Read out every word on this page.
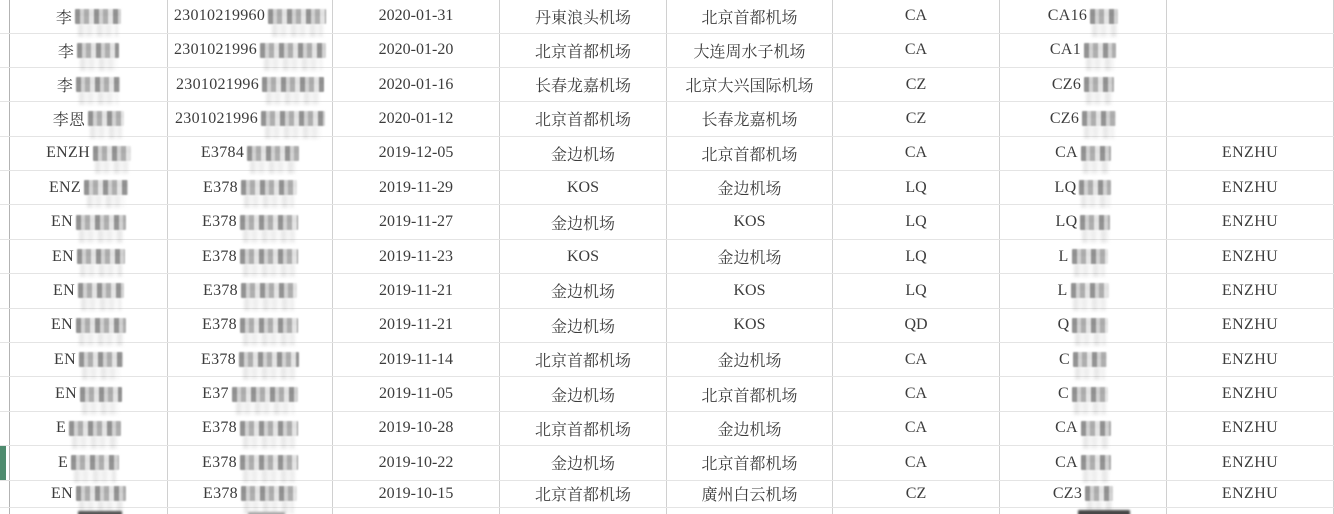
李	23010219960	2020-01-31	丹東浪头机场	北京首都机场	CA	CA16
李	2301021996	2020-01-20	北京首都机场	大连周水子机场	CA	CA1
李	2301021996	2020-01-16	长春龙嘉机场	北京大兴国际机场	CZ	CZ6
李恩	2301021996	2020-01-12	北京首都机场	长春龙嘉机场	CZ	CZ6
ENZH	E3784	2019-12-05	金边机场	北京首都机场	CA	CA	ENZHU
ENZ	E378	2019-11-29	KOS	金边机场	LQ	LQ	ENZHU
EN	E378	2019-11-27	金边机场	KOS	LQ	LQ	ENZHU
EN	E378	2019-11-23	KOS	金边机场	LQ	L	ENZHU
EN	E378	2019-11-21	金边机场	KOS	LQ	L	ENZHU
EN	E378	2019-11-21	金边机场	KOS	QD	Q	ENZHU
EN	E378	2019-11-14	北京首都机场	金边机场	CA	C	ENZHU
EN	E37	2019-11-05	金边机场	北京首都机场	CA	C	ENZHU
E	E378	2019-10-28	北京首都机场	金边机场	CA	CA	ENZHU
E	E378	2019-10-22	金边机场	北京首都机场	CA	CA	ENZHU
EN	E378	2019-10-15	北京首都机场	廣州白云机场	CZ	CZ3	ENZHU
